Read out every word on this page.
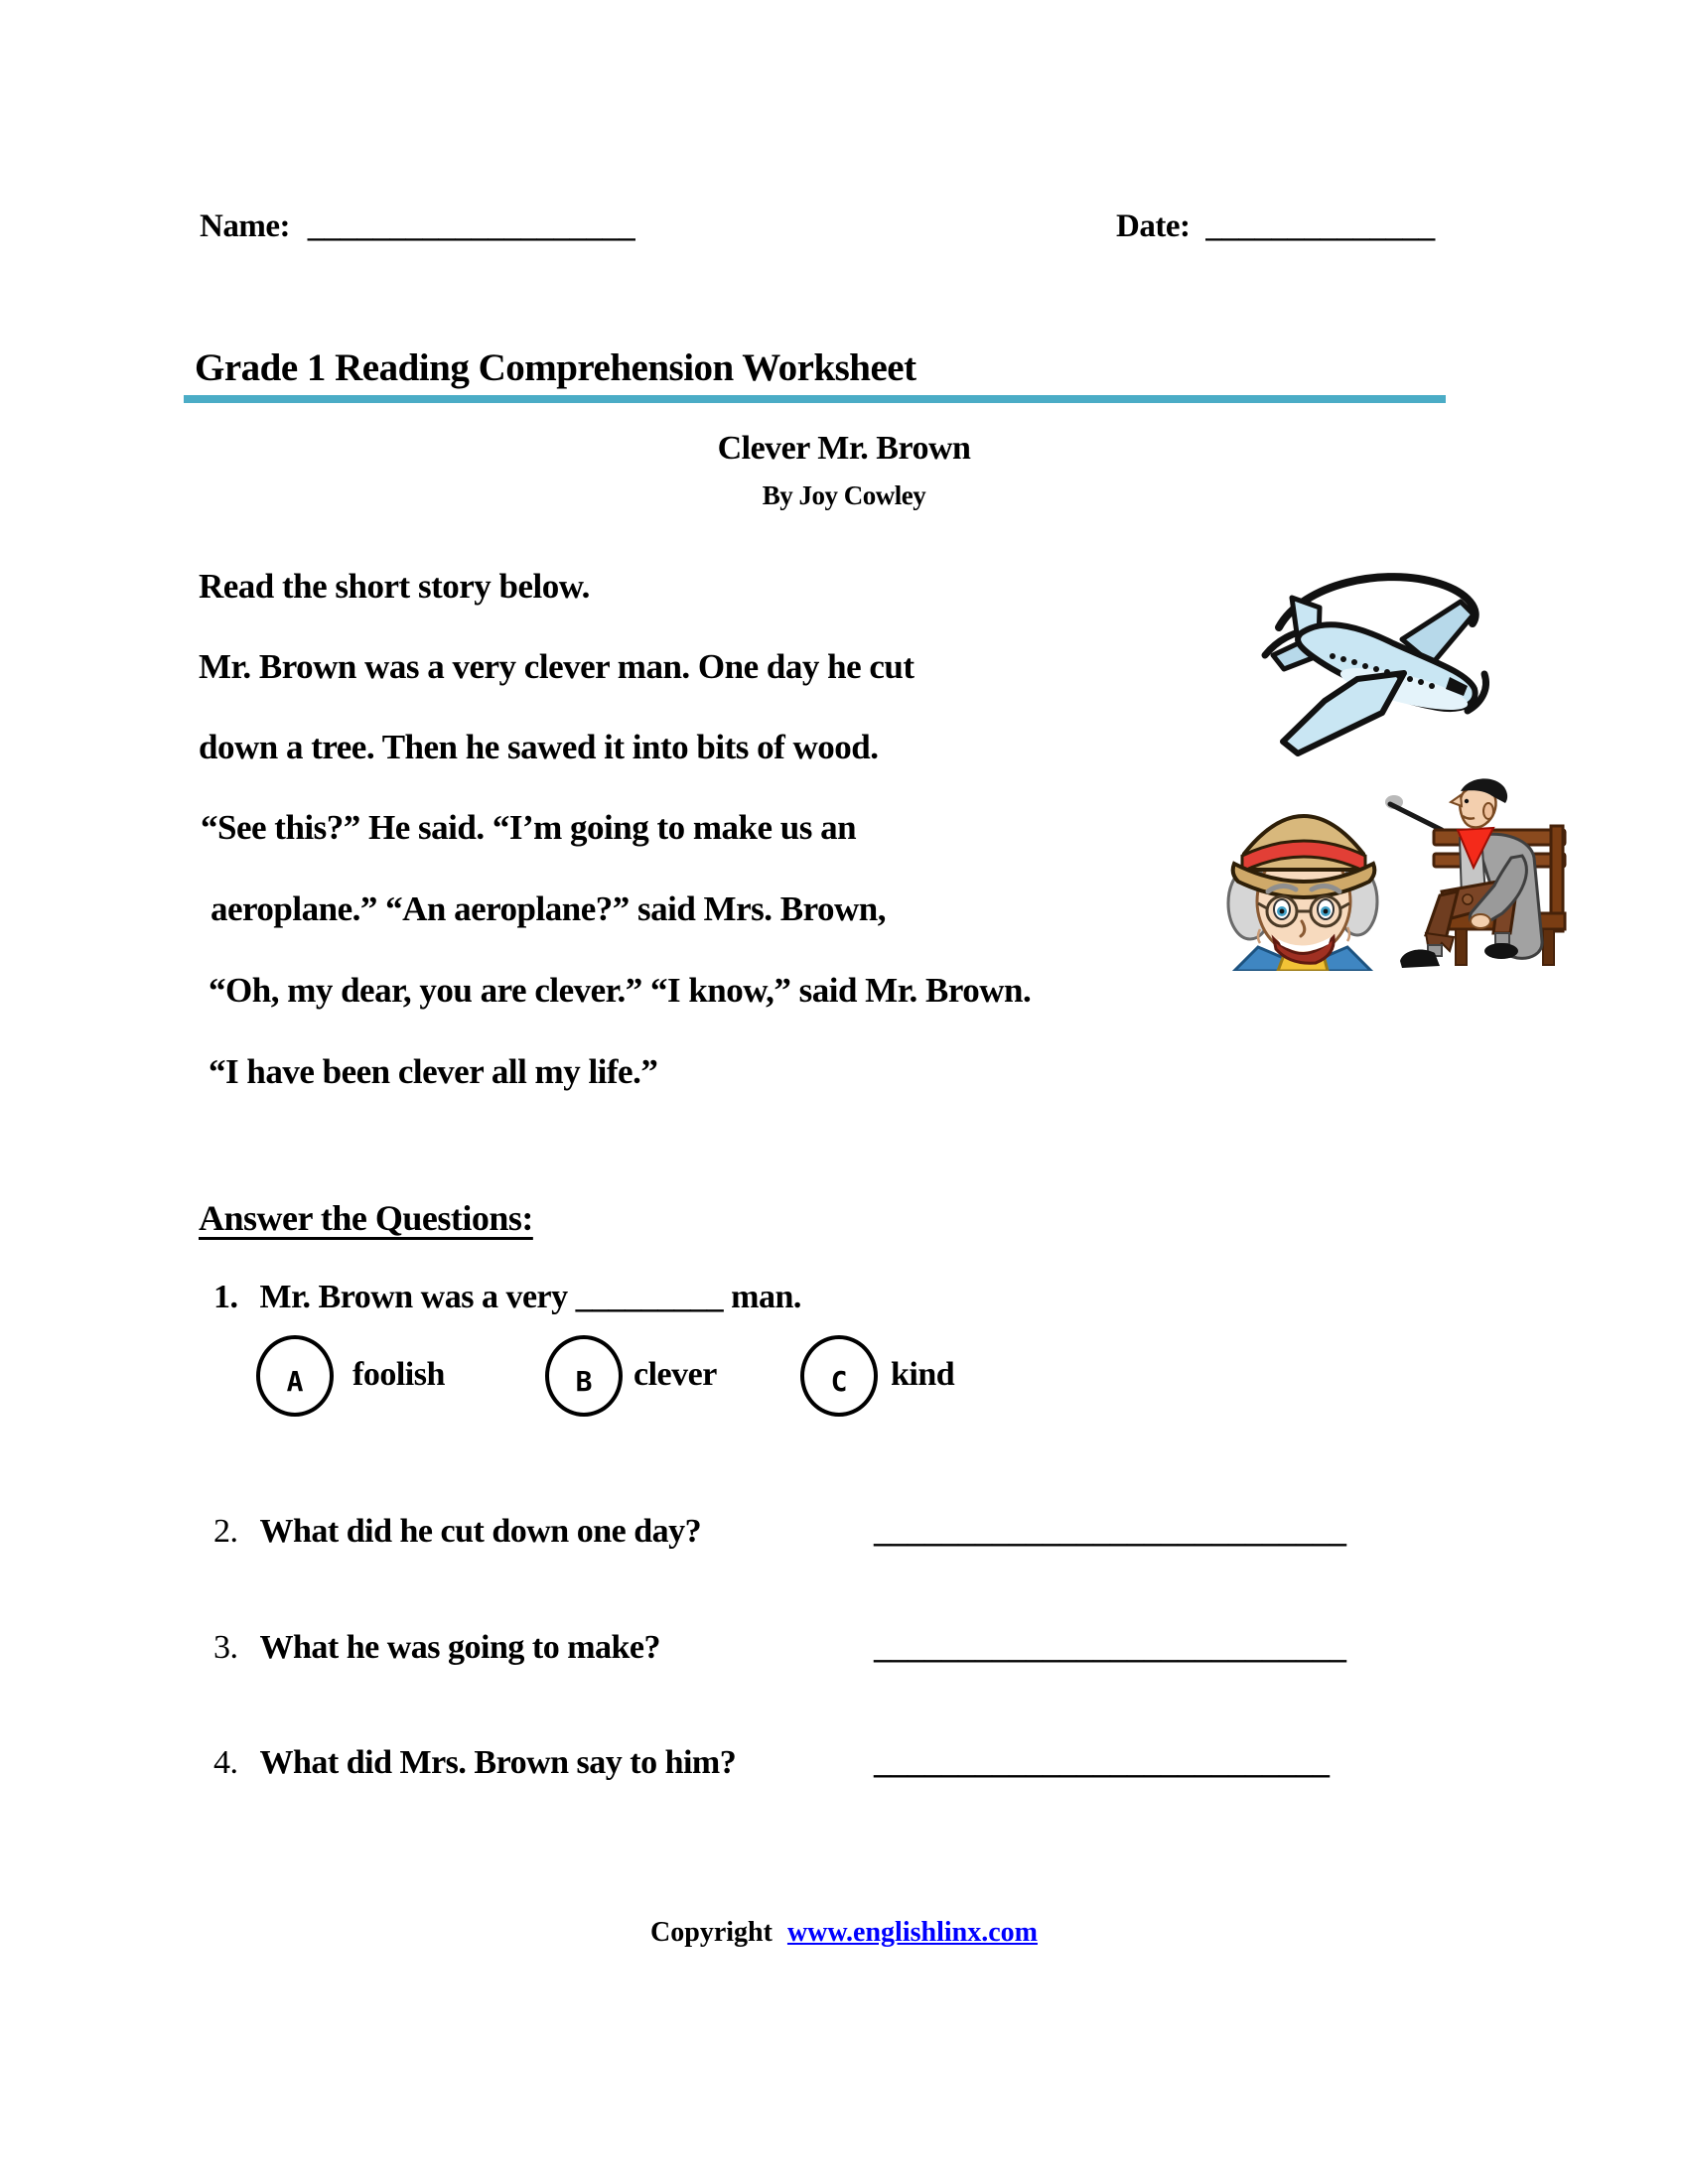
Name: ____________________	Date: ______________
Grade 1 Reading Comprehension Worksheet
Clever Mr. Brown
By Joy Cowley
Read the short story below.
Mr. Brown was a very clever man. One day he cut
down a tree. Then he sawed it into bits of wood.
“See this?” He said. “I’m going to make us an
aeroplane.” “An aeroplane?” said Mrs. Brown,
“Oh, my dear, you are clever.” “I know,” said Mr. Brown.
“I have been clever all my life.”
Answer the Questions:
1. Mr. Brown was a very _________ man.
A foolish	B clever	C kind
2. What did he cut down one day?	____________________________
3. What he was going to make?	____________________________
4. What did Mrs. Brown say to him?	___________________________
Copyright www.englishlinx.com
